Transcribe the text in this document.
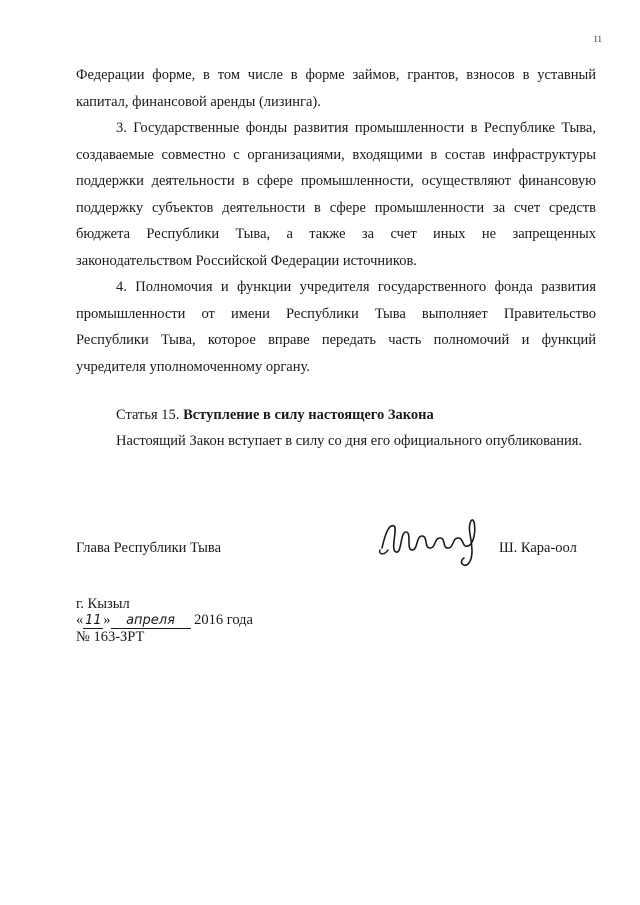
11

Федерации форме, в том числе в форме займов, грантов, взносов в уставный капитал, финансовой аренды (лизинга).

3. Государственные фонды развития промышленности в Республике Тыва, создаваемые совместно с организациями, входящими в состав инфраструктуры поддержки деятельности в сфере промышленности, осуществляют финансовую поддержку субъектов деятельности в сфере промышленности за счет средств бюджета Республики Тыва, а также за счет иных не запрещенных законодательством Российской Федерации источников.

4. Полномочия и функции учредителя государственного фонда развития промышленности от имени Республики Тыва выполняет Правительство Республики Тыва, которое вправе передать часть полномочий и функций учредителя уполномоченному органу.

Статья 15. Вступление в силу настоящего Закона

Настоящий Закон вступает в силу со дня его официального опубликования.

Глава Республики Тыва	Ш. Кара-оол
г. Кызыл
« 11 » апреля 2016 года
№ 163-ЗРТ
